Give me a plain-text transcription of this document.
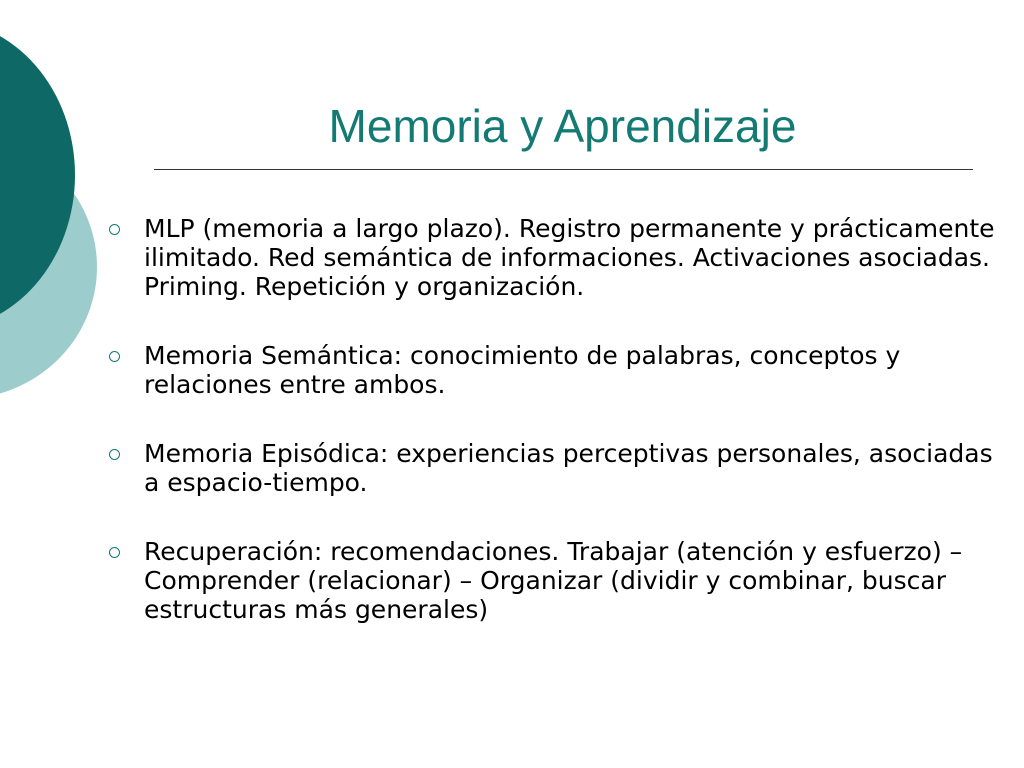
Memoria y Aprendizaje
MLP (memoria a largo plazo). Registro permanente y prácticamente ilimitado. Red semántica de informaciones. Activaciones asociadas. Priming. Repetición y organización.
Memoria Semántica: conocimiento de palabras, conceptos y relaciones entre ambos.
Memoria Episódica: experiencias perceptivas personales, asociadas a espacio-tiempo.
Recuperación: recomendaciones. Trabajar (atención y esfuerzo) – Comprender (relacionar) – Organizar (dividir y combinar, buscar estructuras más generales)
